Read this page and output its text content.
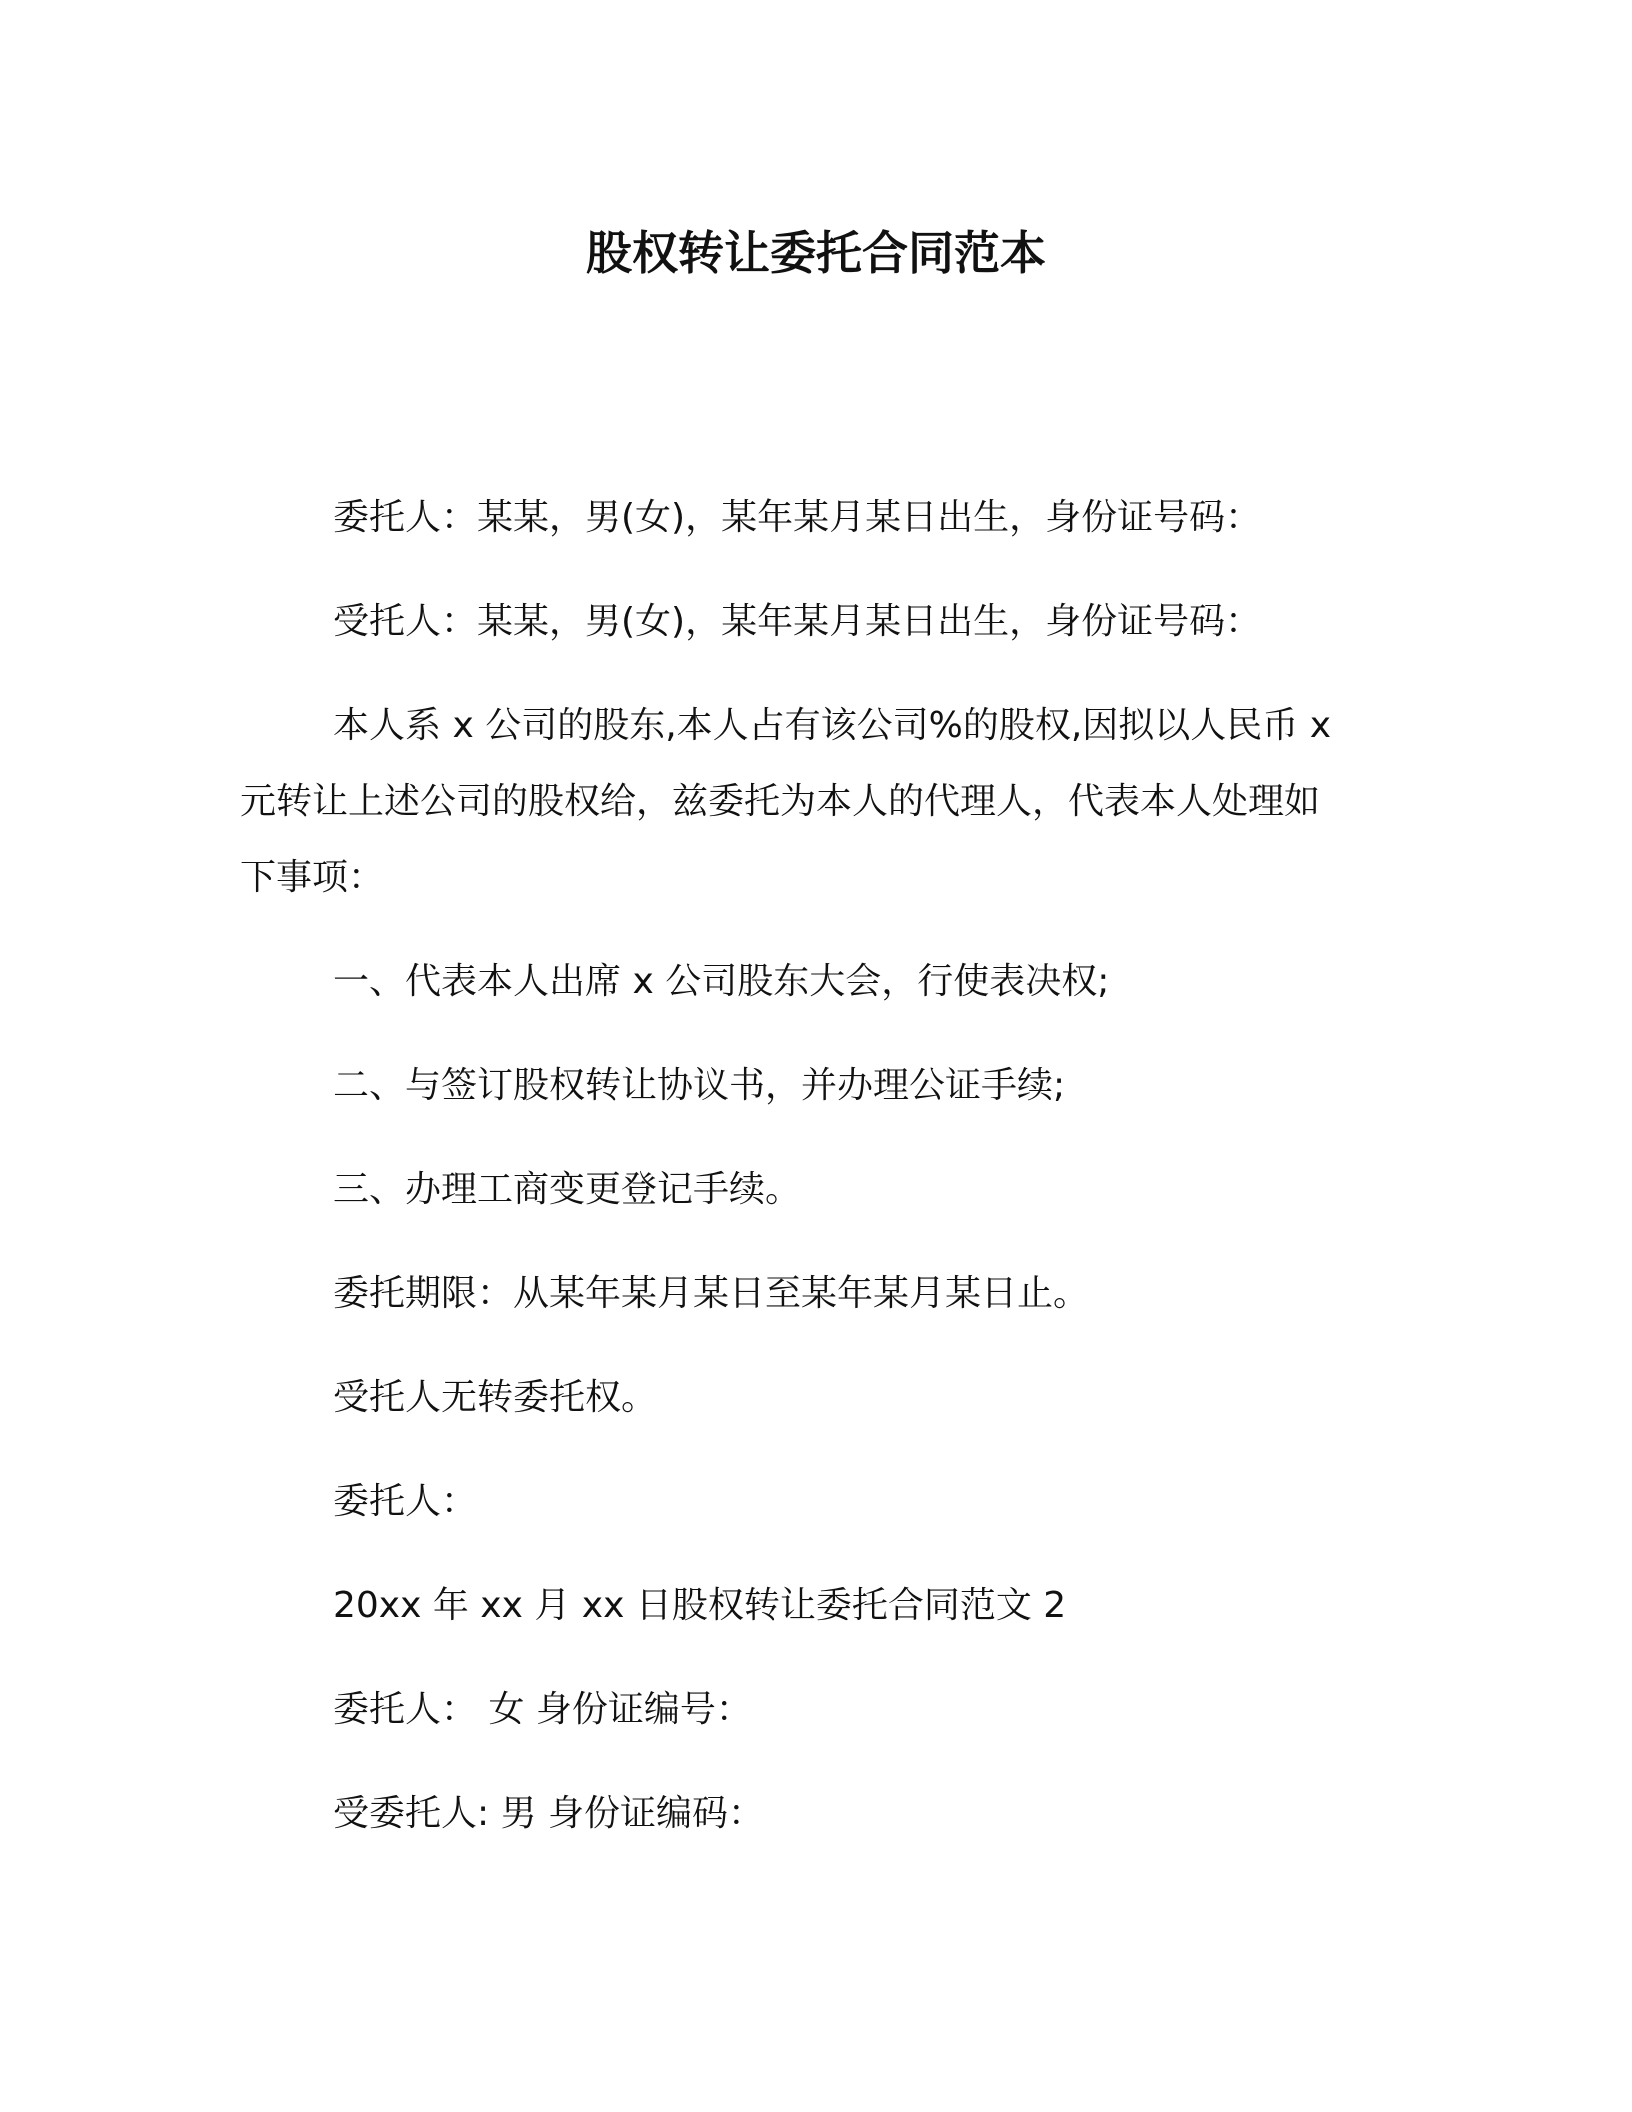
股权转让委托合同范本
委托人：某某，男(女)，某年某月某日出生，身份证号码：
受托人：某某，男(女)，某年某月某日出生，身份证号码：
本人系 x 公司的股东,本人占有该公司%的股权,因拟以人民币 x
元转让上述公司的股权给，兹委托为本人的代理人，代表本人处理如
下事项：
一、代表本人出席 x 公司股东大会，行使表决权;
二、与签订股权转让协议书，并办理公证手续;
三、办理工商变更登记手续。
委托期限：从某年某月某日至某年某月某日止。
受托人无转委托权。
委托人：
20xx 年 xx 月 xx 日股权转让委托合同范文 2
委托人： 女 身份证编号：
受委托人: 男 身份证编码：
